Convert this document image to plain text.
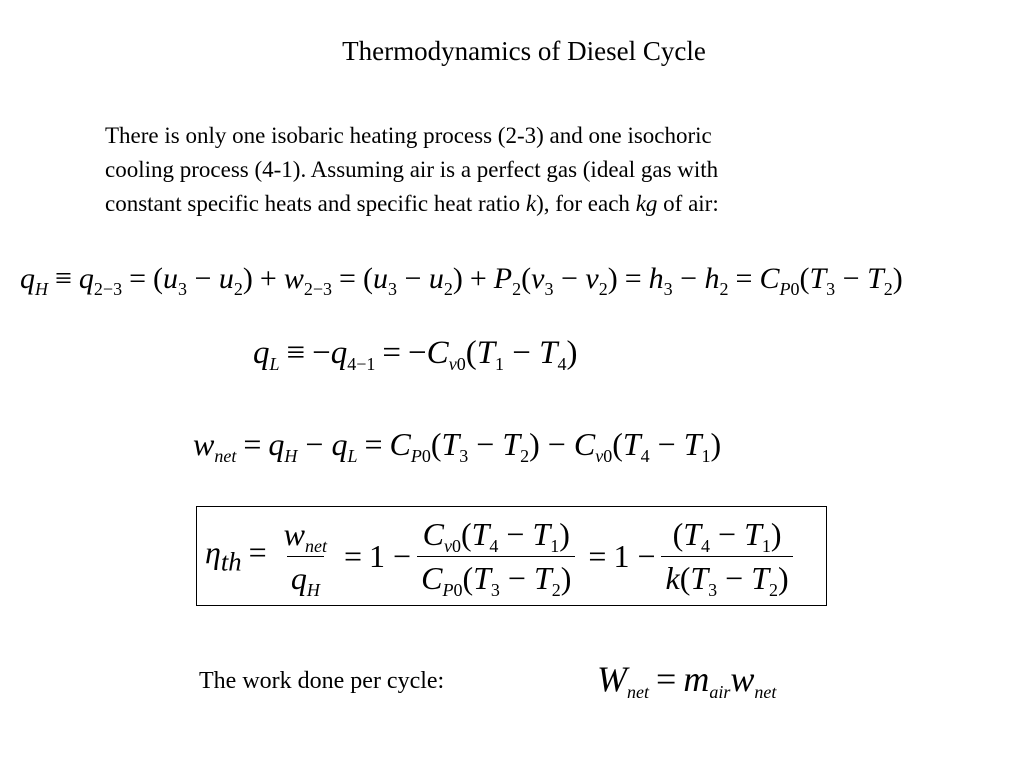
Thermodynamics of Diesel Cycle
There is only one isobaric heating process (2-3) and one isochoric
cooling process (4-1). Assuming air is a perfect gas (ideal gas with
constant specific heats and specific heat ratio k), for each kg of air:
$q_H \equiv q_{2-3} = (u_3 - u_2) + w_{2-3} = (u_3 - u_2) + P_2(v_3 - v_2) = h_3 - h_2 = C_{P0}(T_3 - T_2)$
$q_L \equiv -q_{4-1} = -C_{v0}(T_1 - T_4)$
$w_{net} = q_H - q_L = C_{P0}(T_3 - T_2) - C_{v0}(T_4 - T_1)$
$\eta_{th} = \frac{w_{net}}{q_H} = 1 - \frac{C_{v0}(T_4 - T_1)}{C_{P0}(T_3 - T_2)} = 1 - \frac{(T_4 - T_1)}{k(T_3 - T_2)}$
The work done per cycle:	$W_{net} = m_{air}w_{net}$
